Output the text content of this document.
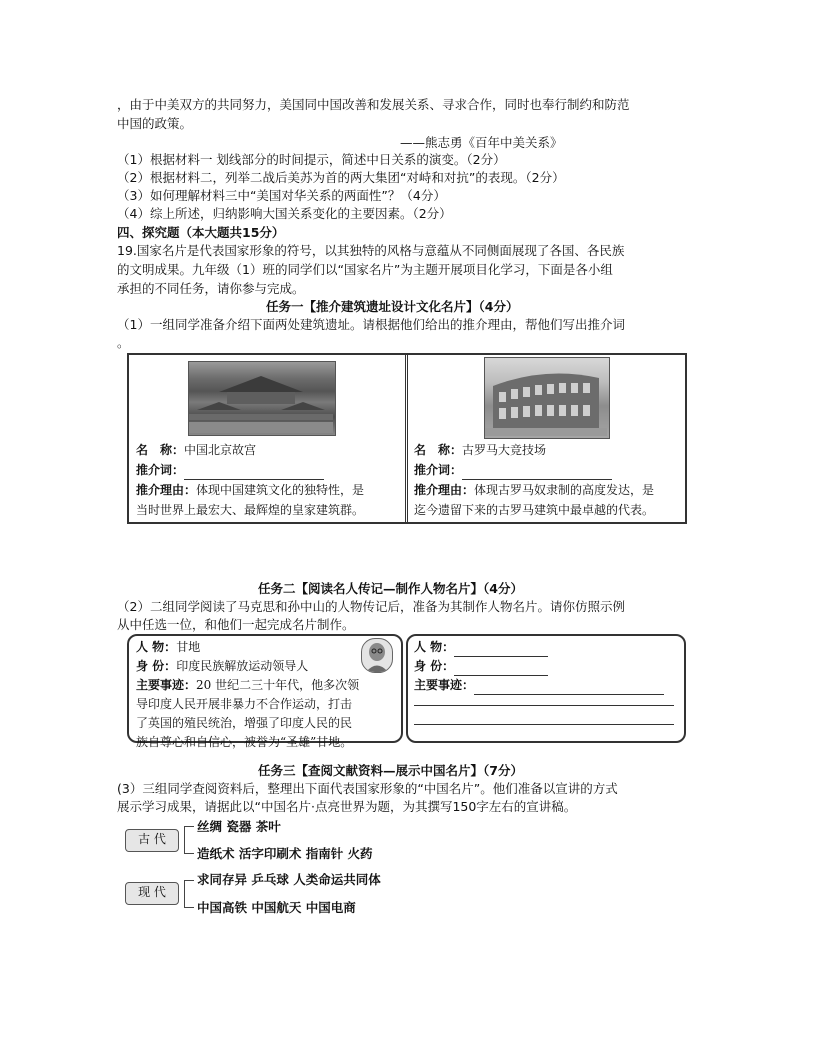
，由于中美双方的共同努力，美国同中国改善和发展关系、寻求合作，同时也奉行制约和防范
中国的政策。
——熊志勇《百年中美关系》
（1）根据材料一 划线部分的时间提示，简述中日关系的演变。（2分）
（2）根据材料二，列举二战后美苏为首的两大集团“对峙和对抗”的表现。（2分）
（3）如何理解材料三中“美国对华关系的两面性”？（4分）
（4）综上所述，归纳影响大国关系变化的主要因素。（2分）
四、探究题（本大题共15分）
19.国家名片是代表国家形象的符号，以其独特的风格与意蕴从不同侧面展现了各国、各民族
的文明成果。九年级（1）班的同学们以“国家名片”为主题开展项目化学习，下面是各小组
承担的不同任务，请你参与完成。
任务一【推介建筑遗址设计文化名片】（4分）
（1）一组同学准备介绍下面两处建筑遗址。请根据他们给出的推介理由，帮他们写出推介词
。
名　称：中国北京故宫
推介词：
推介理由：体现中国建筑文化的独特性，是
当时世界上最宏大、最辉煌的皇家建筑群。
名　称：古罗马大竞技场
推介词：
推介理由：体现古罗马奴隶制的高度发达，是
迄今遗留下来的古罗马建筑中最卓越的代表。
任务二【阅读名人传记—制作人物名片】（4分）
（2）二组同学阅读了马克思和孙中山的人物传记后，准备为其制作人物名片。请你仿照示例
从中任选一位，和他们一起完成名片制作。
人 物：甘地
身 份：印度民族解放运动领导人
主要事迹：20 世纪二三十年代，他多次领
导印度人民开展非暴力不合作运动，打击
了英国的殖民统治，增强了印度人民的民
族自尊心和自信心，被誉为“圣雄”甘地。
人 物：
身 份：
主要事迹：
任务三【查阅文献资料—展示中国名片】（7分）
(3）三组同学查阅资料后，整理出下面代表国家形象的“中国名片”。他们准备以宣讲的方式
展示学习成果，请据此以“中国名片·点亮世界为题，为其撰写150字左右的宣讲稿。
古 代
丝绸 瓷器 茶叶
造纸术 活字印刷术 指南针 火药
现 代
求同存异 乒乓球 人类命运共同体
中国高铁 中国航天 中国电商
